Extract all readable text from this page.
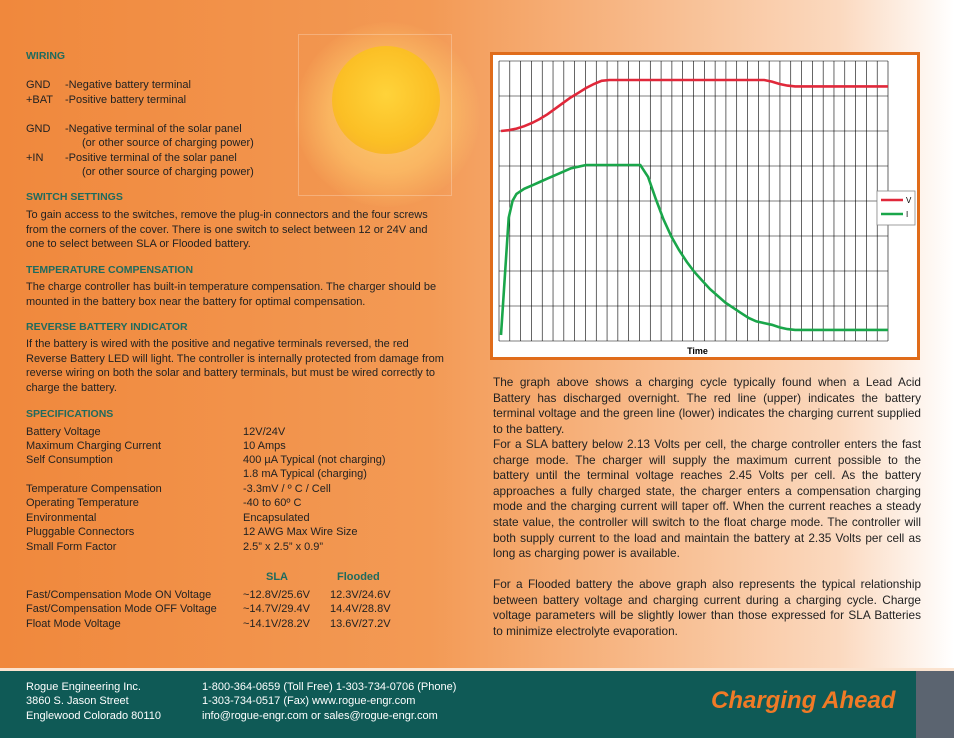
WIRING
GND -Negative battery terminal
+BAT -Positive battery terminal
GND -Negative terminal of the solar panel
(or other source of charging power)
+IN -Positive terminal of the solar panel
(or other source of charging power)
SWITCH SETTINGS
To gain access to the switches, remove the plug-in connectors and the four screws
from the corners of the cover. There is one switch to select between 12 or 24V and
one to select between SLA or Flooded battery.
TEMPERATURE COMPENSATION
The charge controller has built-in temperature compensation. The charger should be
mounted in the battery box near the battery for optimal compensation.
REVERSE BATTERY INDICATOR
If the battery is wired with the positive and negative terminals reversed, the red
Reverse Battery LED will light. The controller is internally protected from damage from
reverse wiring on both the solar and battery terminals, but must be wired correctly to
charge the battery.
SPECIFICATIONS
Battery Voltage	12V/24V
Maximum Charging Current	10 Amps
Self Consumption	400 µA Typical (not charging)
1.8 mA Typical (charging)
Temperature Compensation	-3.3mV / º C / Cell
Operating Temperature	-40 to 60º C
Environmental	Encapsulated
Pluggable Connectors	12 AWG Max Wire Size
Small Form Factor	2.5” x 2.5” x 0.9”
SLA	Flooded
Fast/Compensation Mode ON Voltage	~12.8V/25.6V 12.3V/24.6V
Fast/Compensation Mode OFF Voltage ~14.7V/29.4V 14.4V/28.8V
Float Mode Voltage	~14.1V/28.2V 13.6V/27.2V
V
I
Time
The graph above shows a charging cycle typically found when a Lead Acid Battery has discharged overnight. The red line (upper) indicates the battery terminal voltage and the green line (lower) indicates the charging current supplied to the battery.
For a SLA battery below 2.13 Volts per cell, the charge controller enters the fast charge mode. The charger will supply the maximum current possible to the battery until the terminal voltage reaches 2.45 Volts per cell. As the battery approaches a fully charged state, the charger enters a compensation charging mode and the charging current will taper off. When the current reaches a steady state value, the controller will switch to the float charge mode. The controller will both supply current to the load and maintain the battery at 2.35 Volts per cell as long as charging power is available.
For a Flooded battery the above graph also represents the typical relationship between battery voltage and charging current during a charging cycle. Charge voltage parameters will be slightly lower than those expressed for SLA Batteries to minimize electrolyte evaporation.
Rogue Engineering Inc.
3860 S. Jason Street
Englewood Colorado 80110
1-800-364-0659 (Toll Free) 1-303-734-0706 (Phone)
1-303-734-0517 (Fax) www.rogue-engr.com
info@rogue-engr.com or sales@rogue-engr.com
Charging Ahead
